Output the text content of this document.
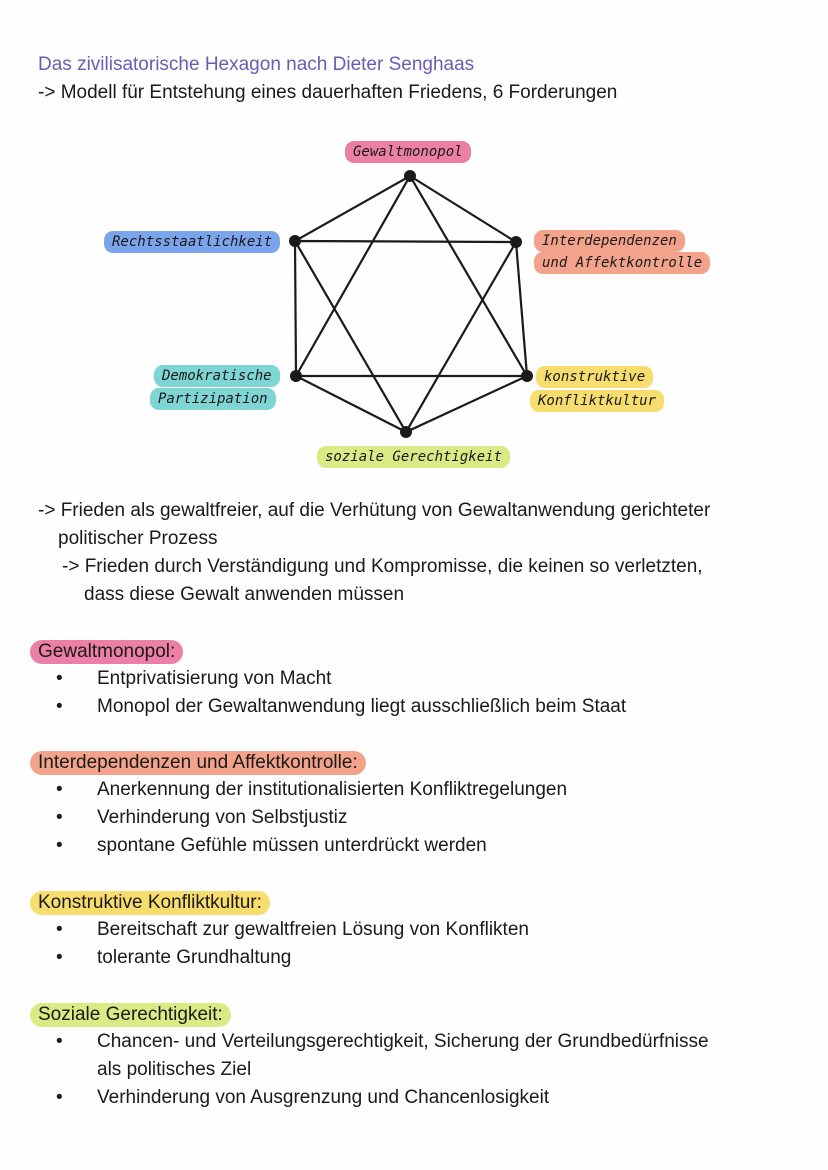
Das zivilisatorische Hexagon nach Dieter Senghaas
-> Modell für Entstehung eines dauerhaften Friedens, 6 Forderungen
Gewaltmonopol
Rechtsstaatlichkeit	Interdependenzen
und Affektkontrolle
Demokratische
Partizipation
konstruktive
Konfliktkultur
soziale Gerechtigkeit
-> Frieden als gewaltfreier, auf die Verhütung von Gewaltanwendung gerichteter
politischer Prozess
-> Frieden durch Verständigung und Kompromisse, die keinen so verletzten,
dass diese Gewalt anwenden müssen
Gewaltmonopol:
• Entprivatisierung von Macht
• Monopol der Gewaltanwendung liegt ausschließlich beim Staat
Interdependenzen und Affektkontrolle:
• Anerkennung der institutionalisierten Konfliktregelungen
• Verhinderung von Selbstjustiz
• spontane Gefühle müssen unterdrückt werden
Konstruktive Konfliktkultur:
• Bereitschaft zur gewaltfreien Lösung von Konflikten
• tolerante Grundhaltung
Soziale Gerechtigkeit:
• Chancen- und Verteilungsgerechtigkeit, Sicherung der Grundbedürfnisse
als politisches Ziel
• Verhinderung von Ausgrenzung und Chancenlosigkeit
